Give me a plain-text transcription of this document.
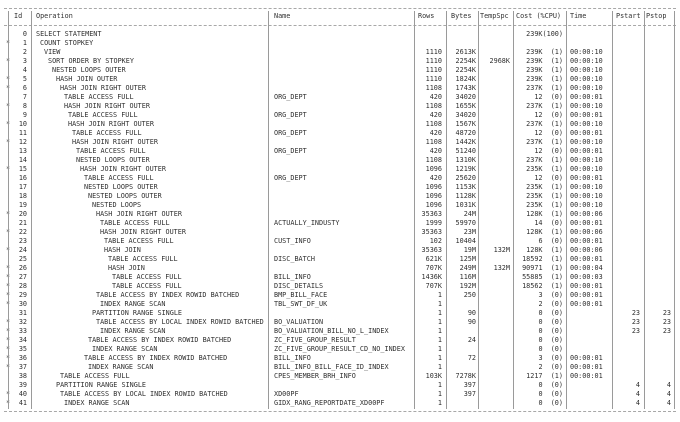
Id Operation	Name	Rows Bytes TempSpc Cost (%CPU) Time	Pstart Pstop
0 SELECT STATEMENT	239K(100)
*	1 COUNT STOPKEY
2	VIEW	1110	2613K	239K  (1) 00:00:10
*	3	SORT ORDER BY STOPKEY	1110	2254K	2968K	239K  (1) 00:00:10
4	NESTED LOOPS OUTER	1110	2254K	239K  (1) 00:00:10
*	5	HASH JOIN OUTER	1110	1824K	239K  (1) 00:00:10
*	6	HASH JOIN RIGHT OUTER	1108	1743K	237K  (1) 00:00:10
7	TABLE ACCESS FULL	ORG_DEPT	420	34020	12  (0) 00:00:01
*	8	HASH JOIN RIGHT OUTER	1108	1655K	237K  (1) 00:00:10
9	TABLE ACCESS FULL	ORG_DEPT	420	34020	12  (0) 00:00:01
*	10	HASH JOIN RIGHT OUTER	1108	1567K	237K  (1) 00:00:10
11	TABLE ACCESS FULL	ORG_DEPT	420	48720	12  (0) 00:00:01
*	12	HASH JOIN RIGHT OUTER	1108	1442K	237K  (1) 00:00:10
13	TABLE ACCESS FULL	ORG_DEPT	420	51240	12  (0) 00:00:01
14	NESTED LOOPS OUTER	1108	1310K	237K  (1) 00:00:10
*	15	HASH JOIN RIGHT OUTER	1096	1219K	235K  (1) 00:00:10
16	TABLE ACCESS FULL	ORG_DEPT	420	25620	12  (0) 00:00:01
17	NESTED LOOPS OUTER	1096	1153K	235K  (1) 00:00:10
18	NESTED LOOPS OUTER	1096	1128K	235K  (1) 00:00:10
19	NESTED LOOPS	1096	1031K	235K  (1) 00:00:10
*	20	HASH JOIN RIGHT OUTER	35363	24M	128K  (1) 00:00:06
21	TABLE ACCESS FULL	ACTUALLY_INDUSTY	1999	59970	14  (0) 00:00:01
*	22	HASH JOIN RIGHT OUTER	35363	23M	128K  (1) 00:00:06
23	TABLE ACCESS FULL	CUST_INFO	102	10404	6  (0) 00:00:01
*	24	HASH JOIN	35363	19M	132M	128K  (1) 00:00:06
25	TABLE ACCESS FULL	DISC_BATCH	621K	125M	18592  (1) 00:00:01
*	26	HASH JOIN	707K	249M	132M	90971  (1) 00:00:04
*	27	TABLE ACCESS FULL	BILL_INFO	1436K	116M	55885  (1) 00:00:03
*	28	TABLE ACCESS FULL	DISC_DETAILS	707K	192M	18562  (1) 00:00:01
*	29	TABLE ACCESS BY INDEX ROWID BATCHED	BMP_BILL_FACE	1	250	3  (0) 00:00:01
*	30	INDEX RANGE SCAN	TBL_SWT_DF_UK	1	2  (0) 00:00:01
31	PARTITION RANGE SINGLE	1	90	0  (0)	23	23
*	32	TABLE ACCESS BY LOCAL INDEX ROWID BATCHED	BO_VALUATION	1	90	0  (0)	23	23
*	33	INDEX RANGE SCAN	BO_VALUATION_BILL_NO_L_INDEX	1	0  (0)	23	23
*	34	TABLE ACCESS BY INDEX ROWID BATCHED	ZC_FIVE_GROUP_RESULT	1	24	0  (0)
*	35	INDEX RANGE SCAN	ZC_FIVE_GROUP_RESULT_CD_NO_INDEX	1	0  (0)
*	36	TABLE ACCESS BY INDEX ROWID BATCHED	BILL_INFO	1	72	3  (0) 00:00:01
*	37	INDEX RANGE SCAN	BILL_INFO_BILL_FACE_ID_INDEX	1	2  (0) 00:00:01
38	TABLE ACCESS FULL	CPES_MEMBER_BRH_INFO	103K	7278K	1217  (1) 00:00:01
39	PARTITION RANGE SINGLE	1	397	0  (0)	4	4
*	40	TABLE ACCESS BY LOCAL INDEX ROWID BATCHED	XD00PF	1	397	0  (0)	4	4
*	41	INDEX RANGE SCAN	GIDX_RANG_REPORTDATE_XD00PF	1	0  (0)	4	4
